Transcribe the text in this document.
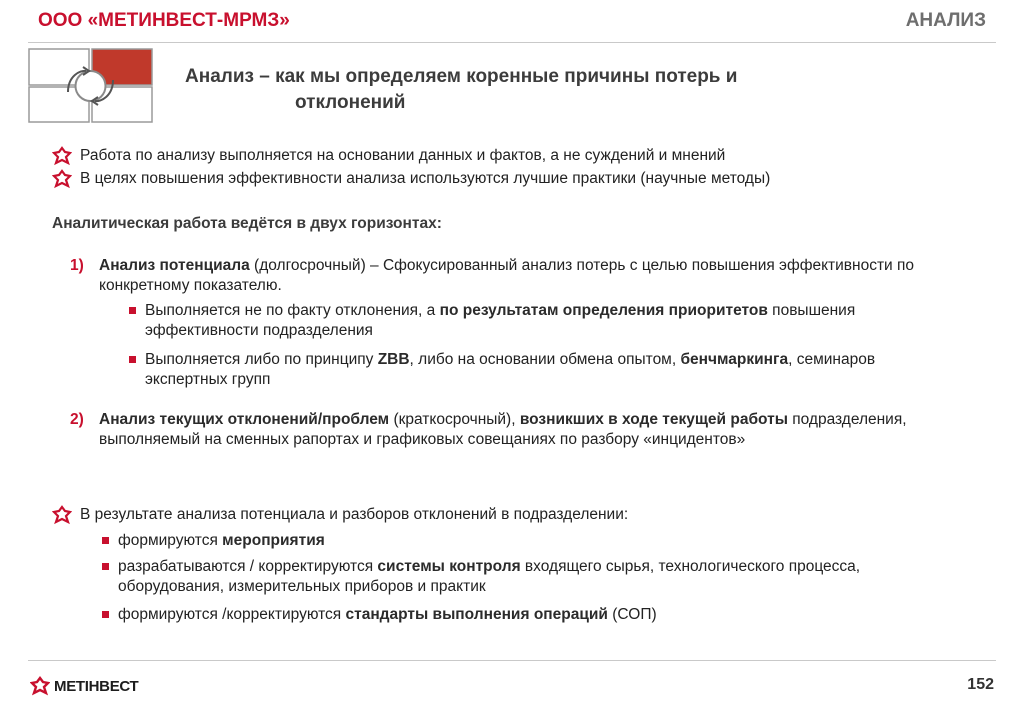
ООО «МЕТИНВЕСТ-МРМЗ»	АНАЛИЗ
Анализ – как мы определяем коренные причины потерь и
отклонений
Работа по анализу выполняется на основании данных и фактов, а не суждений и мнений
В целях повышения эффективности анализа используются лучшие практики (научные методы)
Аналитическая работа ведётся в двух горизонтах:
1) Анализ потенциала (долгосрочный) – Сфокусированный анализ потерь с целью повышения эффективности по конкретному показателю.
Выполняется не по факту отклонения, а по результатам определения приоритетов повышения эффективности подразделения
Выполняется либо по принципу ZBB, либо на основании обмена опытом, бенчмаркинга, семинаров экспертных групп
2) Анализ текущих отклонений/проблем (краткосрочный), возникших в ходе текущей работы подразделения, выполняемый на сменных рапортах и графиковых совещаниях по разбору «инцидентов»
В результате анализа потенциала и разборов отклонений в подразделении:
формируются мероприятия
разрабатываются / корректируются системы контроля входящего сырья, технологического процесса, оборудования, измерительных приборов и практик
формируются /корректируются стандарты выполнения операций (СОП)
МЕТІНВЕСТ	152
